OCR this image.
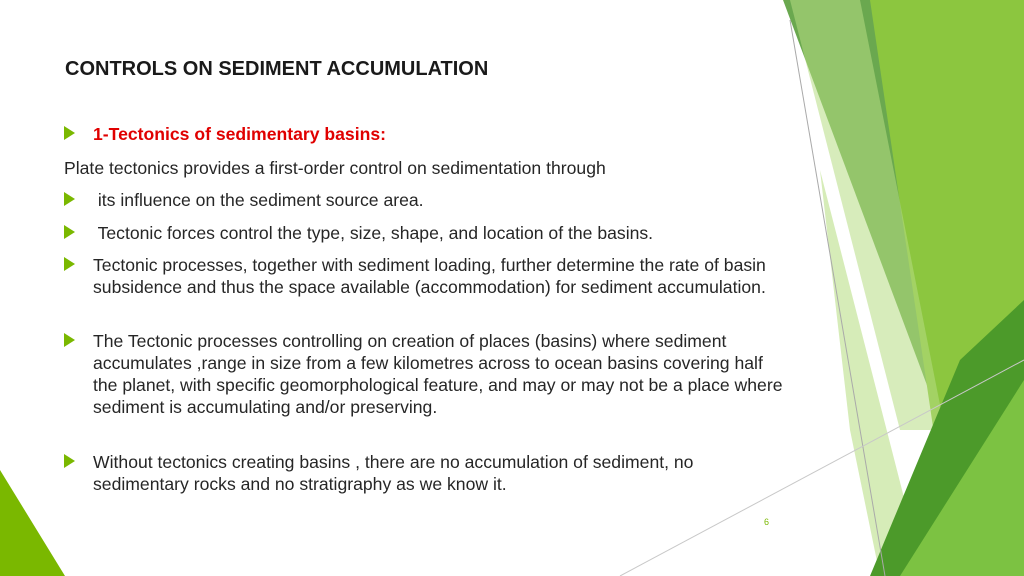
CONTROLS ON SEDIMENT ACCUMULATION
1-Tectonics of sedimentary basins:
Plate tectonics provides a first-order control on sedimentation through
its influence on the sediment source area.
Tectonic forces control the type, size, shape, and location of the basins.
Tectonic processes, together with sediment loading, further determine the rate of basin subsidence and thus the space available (accommodation) for sediment accumulation.
The Tectonic processes controlling on creation of places (basins) where sediment accumulates ,range in size from a few kilometres across to ocean basins covering half the planet, with specific geomorphological feature, and may or may not be a place where sediment is accumulating and/or preserving.
Without tectonics creating basins , there are no accumulation of sediment, no sedimentary rocks and no stratigraphy as we know it.
6
